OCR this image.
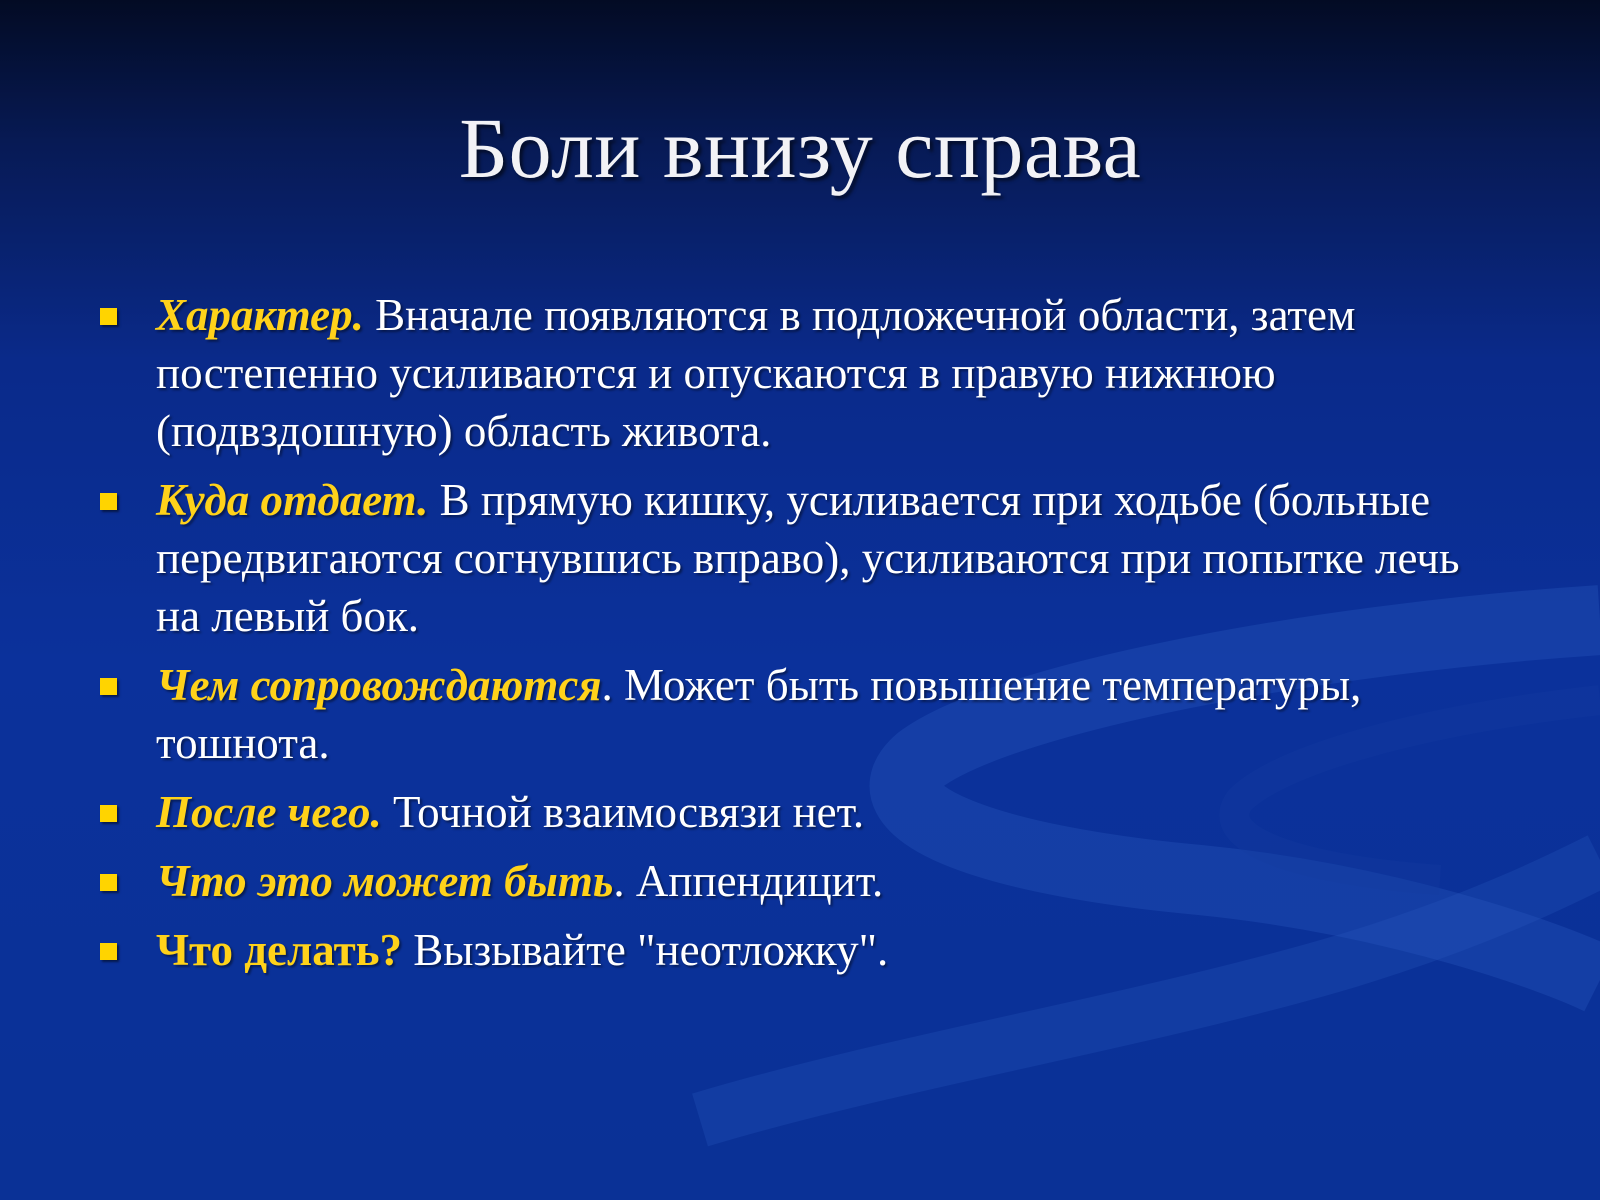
Боли внизу справа
Характер. Вначале появляются в подложечной области, затем постепенно усиливаются и опускаются в правую нижнюю (подвздошную) область живота.
Куда отдает. В прямую кишку, усиливается при ходьбе (больные передвигаются согнувшись вправо), усиливаются при попытке лечь на левый бок.
Чем сопровождаются. Может быть повышение температуры, тошнота.
После чего. Точной взаимосвязи нет.
Что это может быть. Аппендицит.
Что делать? Вызывайте "неотложку".
